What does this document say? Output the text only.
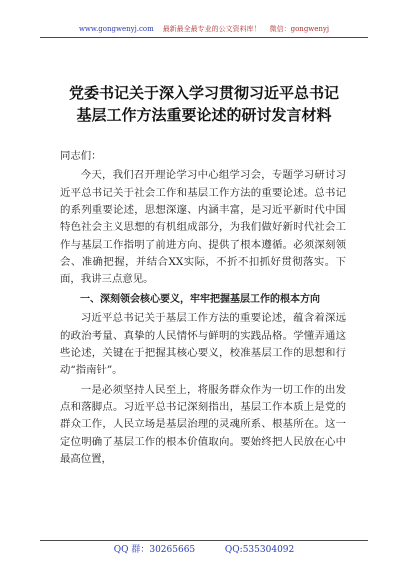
www.gongwenyj.com 最新最全最专业的公文资料库！ 微信：gongwenyj
党委书记关于深入学习贯彻习近平总书记
基层工作方法重要论述的研讨发言材料

同志们：

今天，我们召开理论学习中心组学习会，专题学习研讨习近平总书记关于社会工作和基层工作方法的重要论述。总书记的系列重要论述，思想深邃、内涵丰富，是习近平新时代中国特色社会主义思想的有机组成部分，为我们做好新时代社会工作与基层工作指明了前进方向、提供了根本遵循。必须深刻领会、准确把握，并结合XX实际，不折不扣抓好贯彻落实。下面，我讲三点意见。

一、深刻领会核心要义，牢牢把握基层工作的根本方向

习近平总书记关于基层工作方法的重要论述，蕴含着深远的政治考量、真挚的人民情怀与鲜明的实践品格。学懂弄通这些论述，关键在于把握其核心要义，校准基层工作的思想和行动“指南针”。

一是必须坚持人民至上，将服务群众作为一切工作的出发点和落脚点。习近平总书记深刻指出，基层工作本质上是党的群众工作，人民立场是基层治理的灵魂所系、根基所在。这一定位明确了基层工作的根本价值取向。要始终把人民放在心中最高位置，

QQ 群：30265665	QQ:535304092
